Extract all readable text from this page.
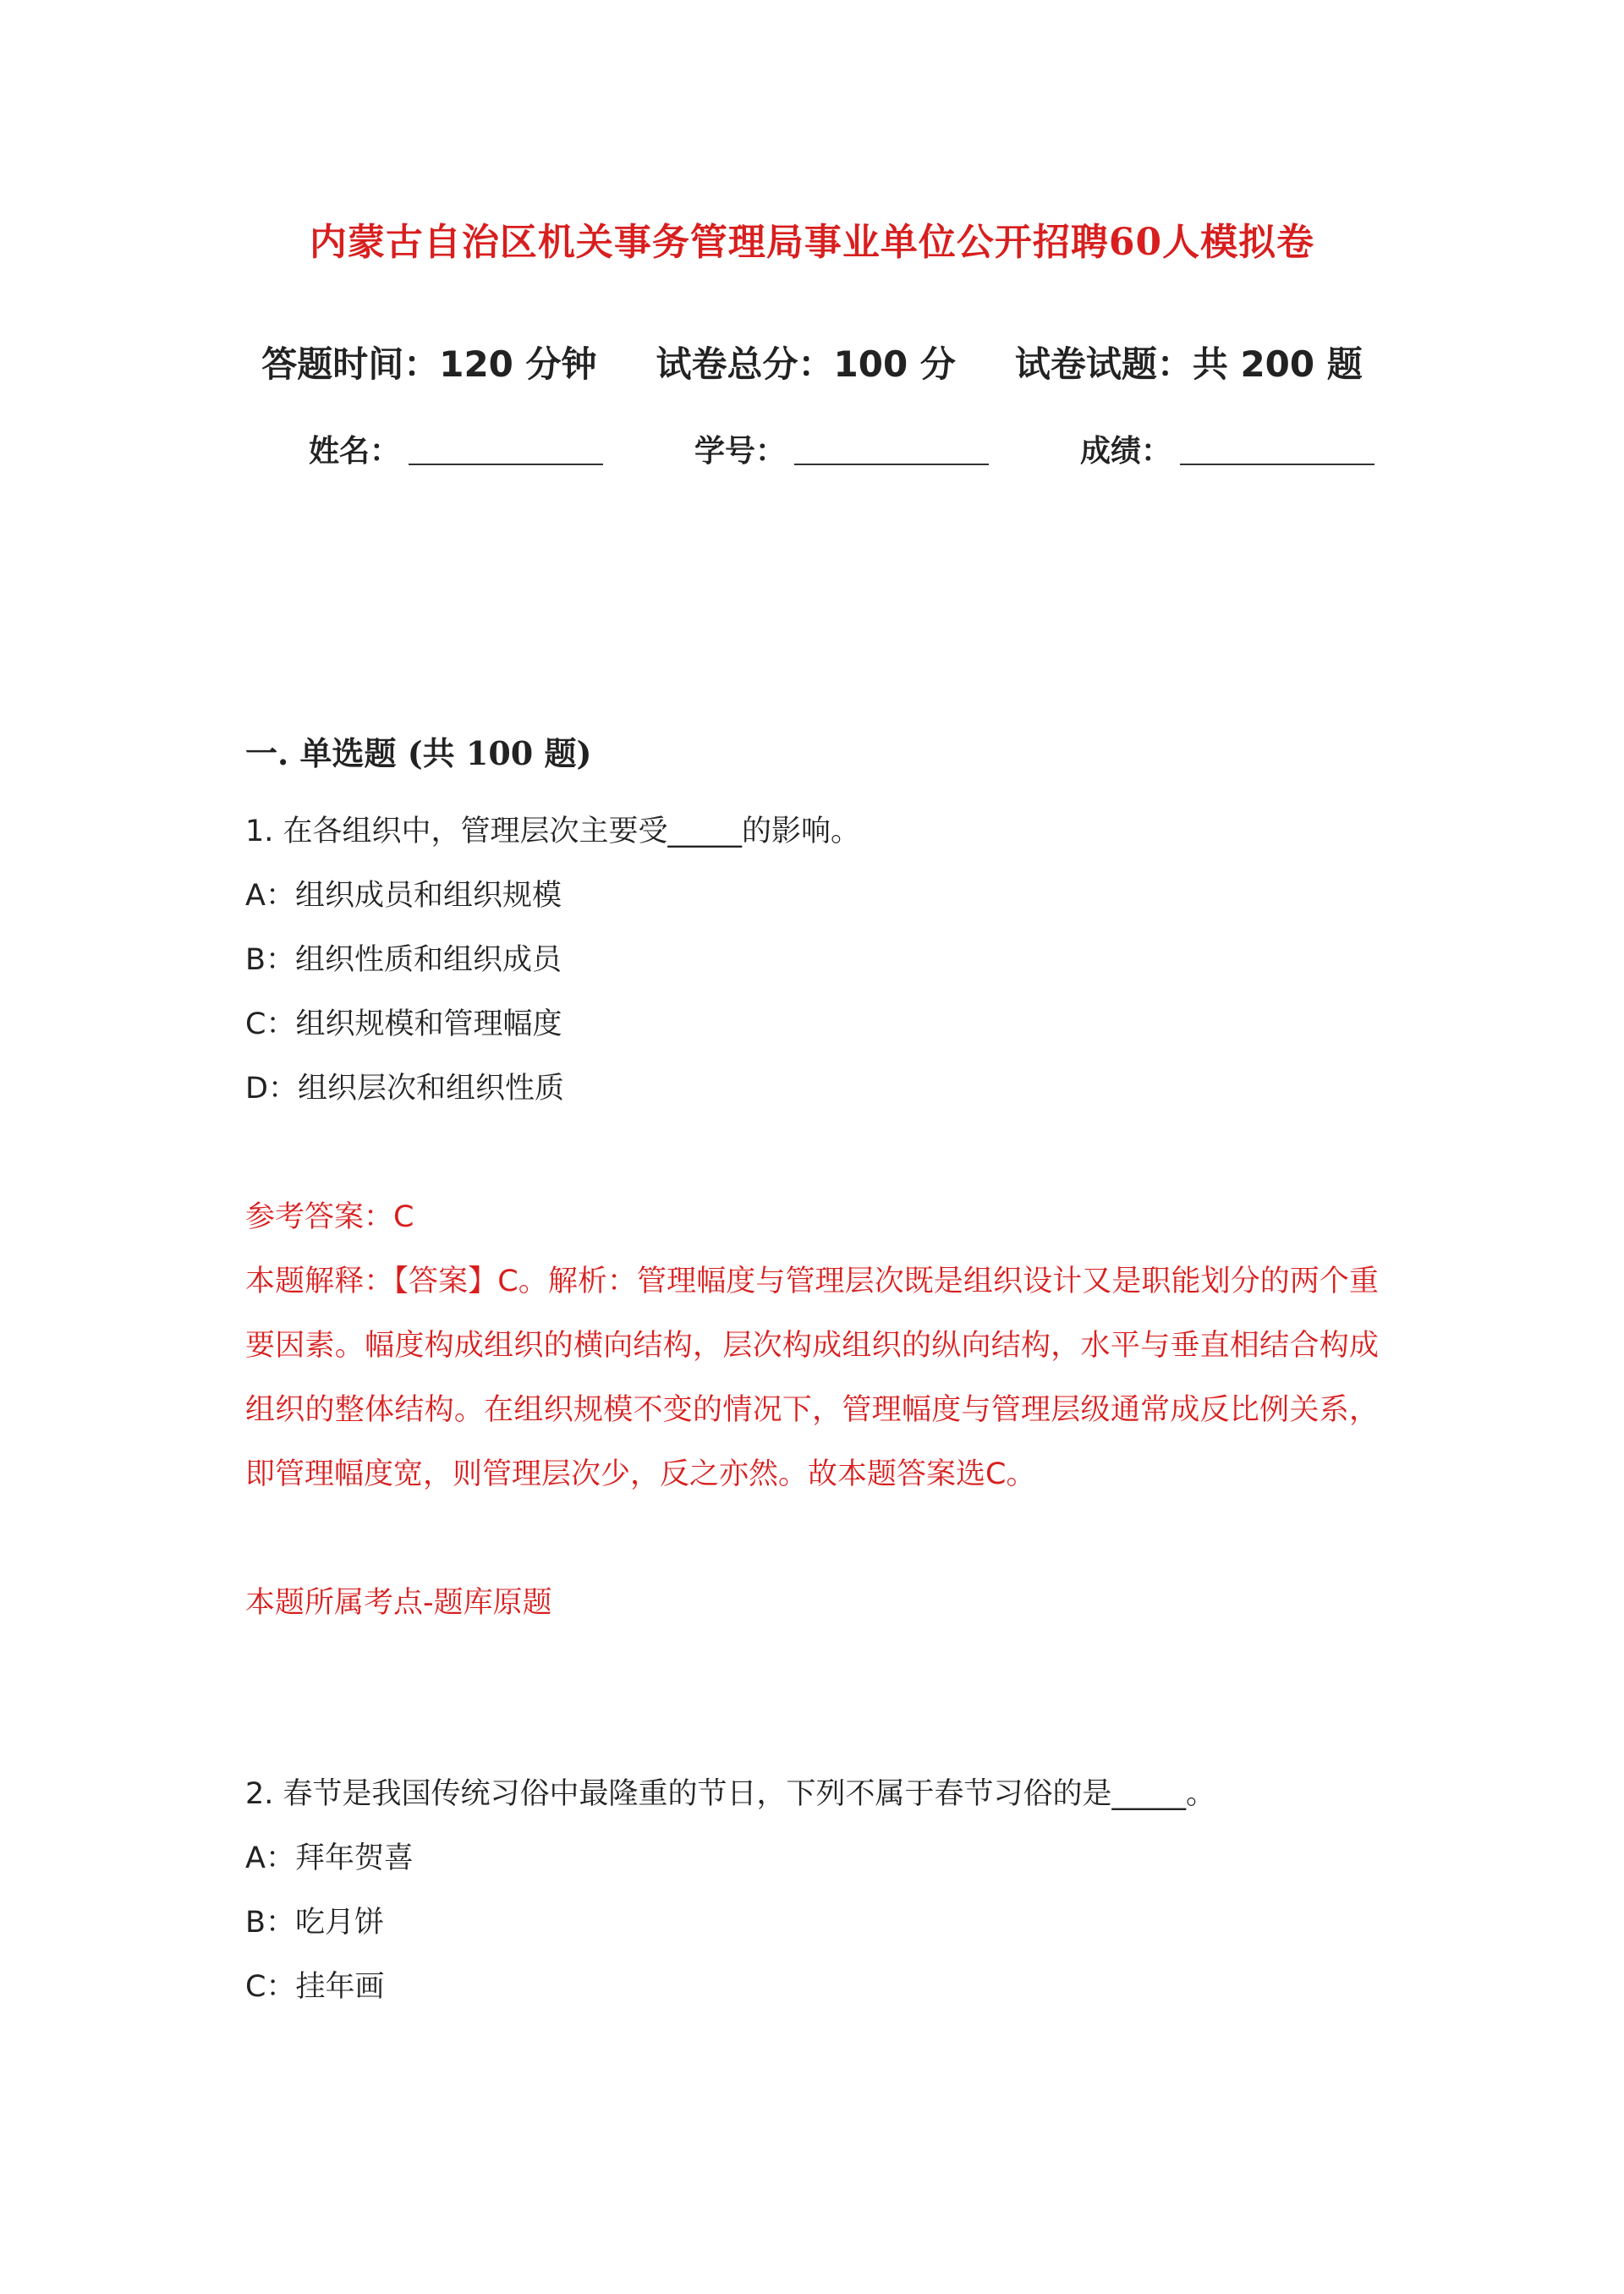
内蒙古自治区机关事务管理局事业单位公开招聘60人模拟卷
答题时间：120 分钟 试卷总分：100 分 试卷试题：共 200 题
姓名：	学号：	成绩：
一. 单选题 (共 100 题)
1. 在各组织中，管理层次主要受_____的影响。
A：组织成员和组织规模
B：组织性质和组织成员
C：组织规模和管理幅度
D：组织层次和组织性质
参考答案：C
本题解释：【答案】C。解析：管理幅度与管理层次既是组织设计又是职能划分的两个重要因素。幅度构成组织的横向结构，层次构成组织的纵向结构，水平与垂直相结合构成组织的整体结构。在组织规模不变的情况下，管理幅度与管理层级通常成反比例关系，即管理幅度宽，则管理层次少，反之亦然。故本题答案选C。
本题所属考点-题库原题
2. 春节是我国传统习俗中最隆重的节日，下列不属于春节习俗的是_____。
A：拜年贺喜
B：吃月饼
C：挂年画
